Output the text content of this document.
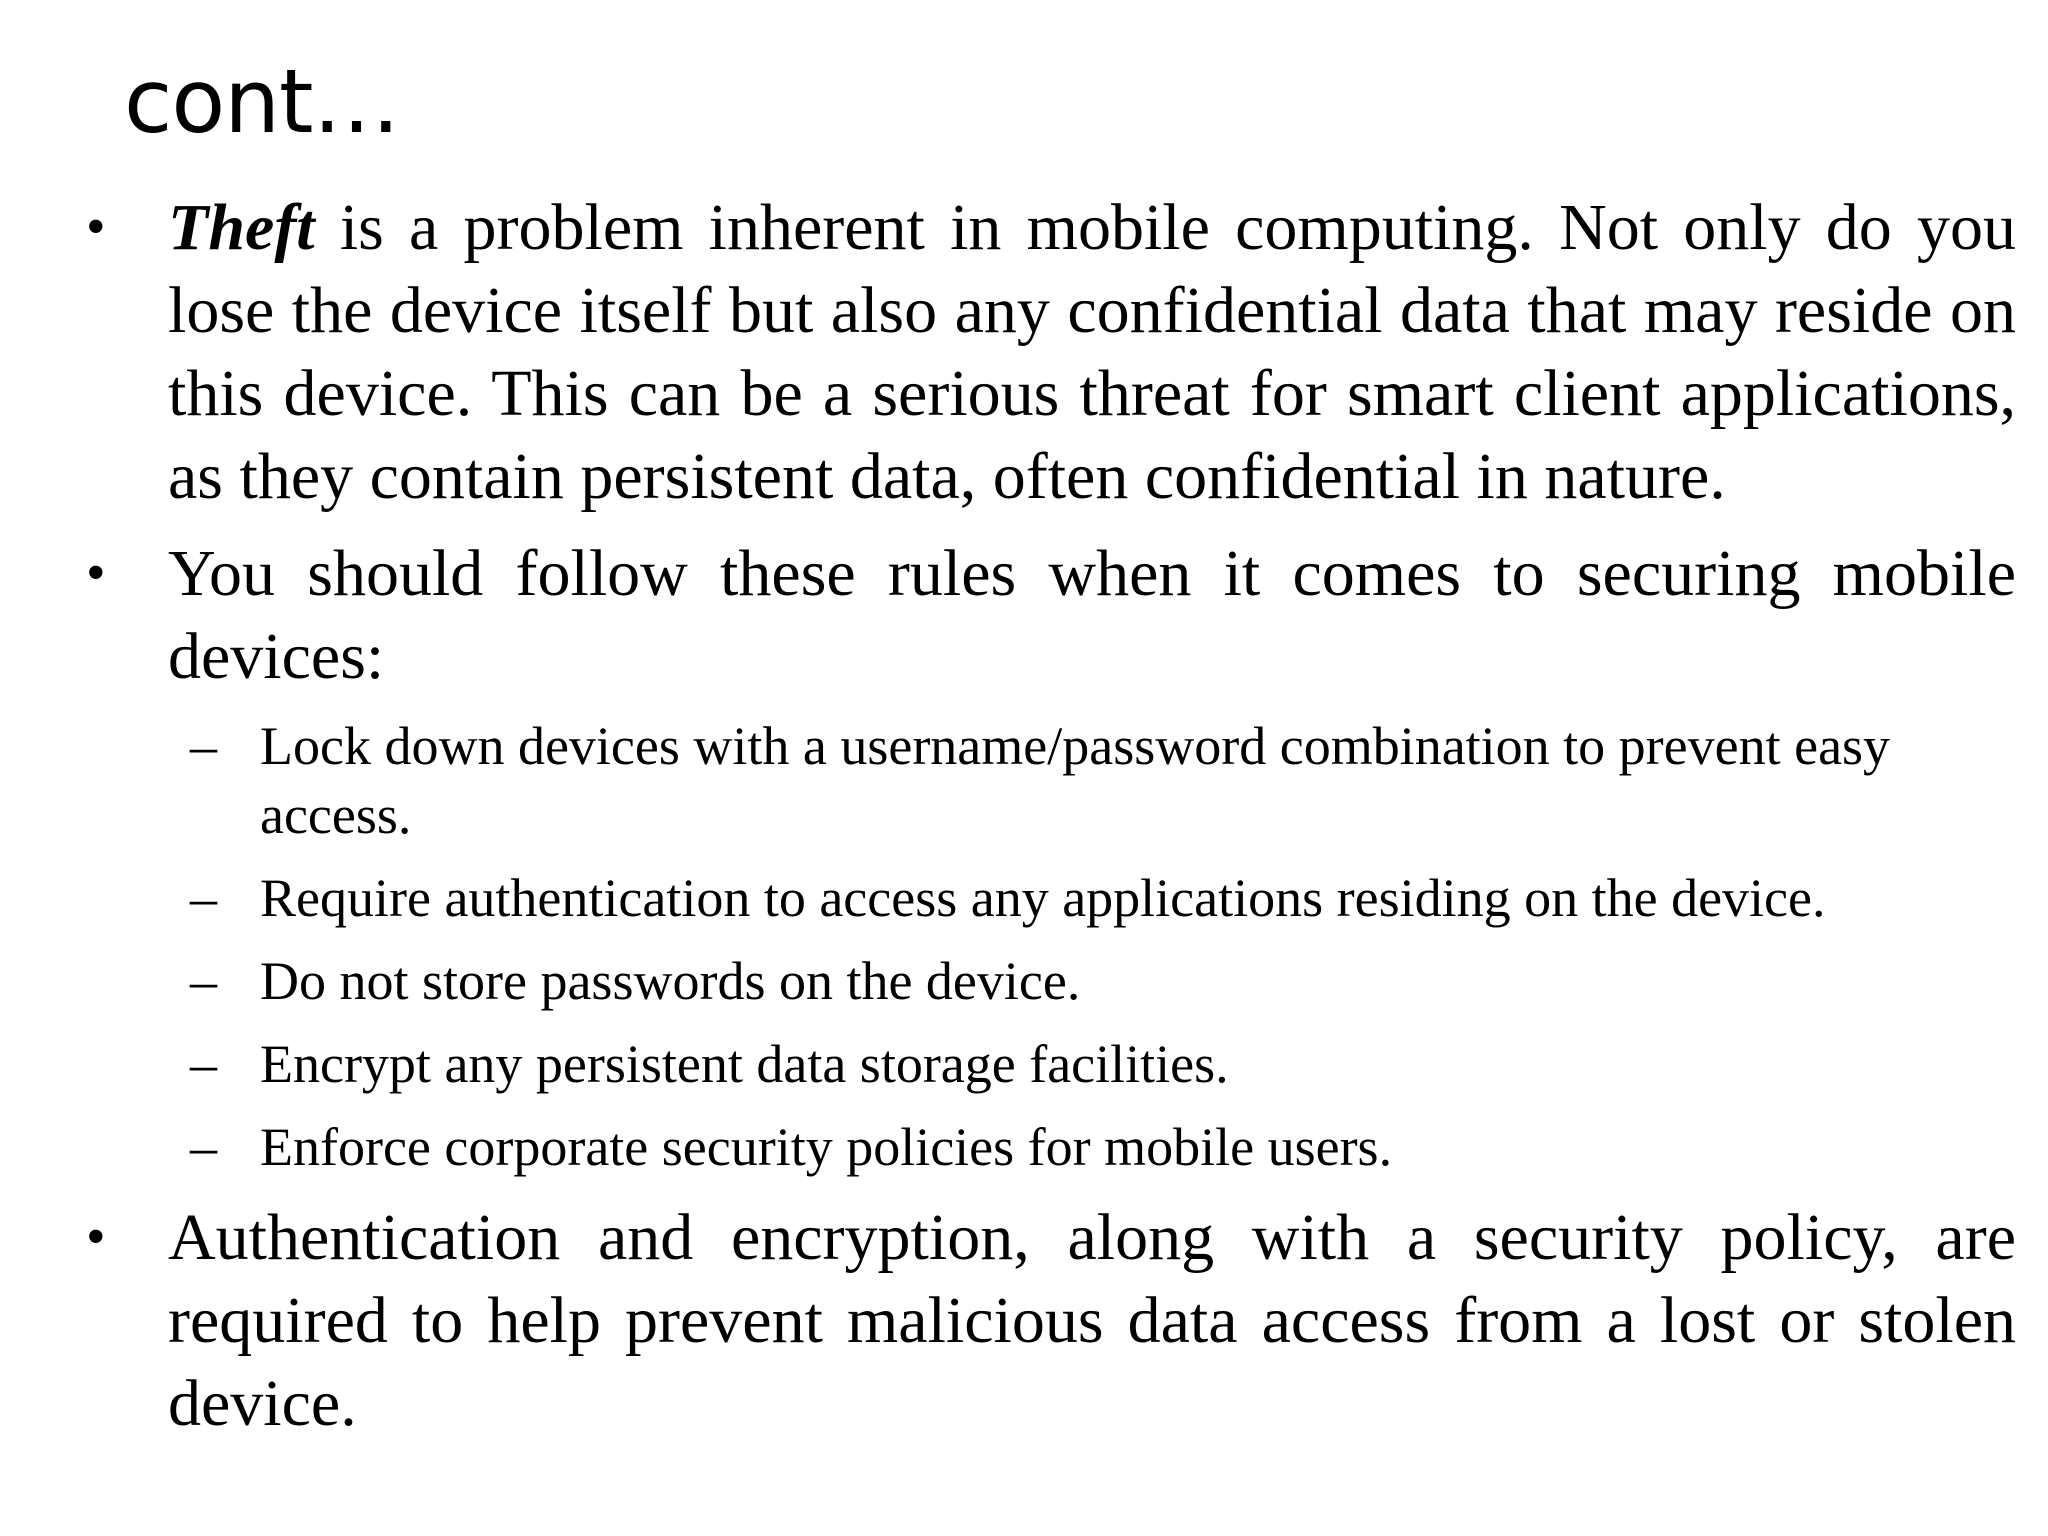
cont…
• Theft is a problem inherent in mobile computing. Not only do you lose the device itself but also any confidential data that may reside on this device. This can be a serious threat for smart client applications, as they contain persistent data, often confidential in nature.
• You should follow these rules when it comes to securing mobile devices:
– Lock down devices with a username/password combination to prevent easy access.
– Require authentication to access any applications residing on the device.
– Do not store passwords on the device.
– Encrypt any persistent data storage facilities.
– Enforce corporate security policies for mobile users.
• Authentication and encryption, along with a security policy, are required to help prevent malicious data access from a lost or stolen device.
